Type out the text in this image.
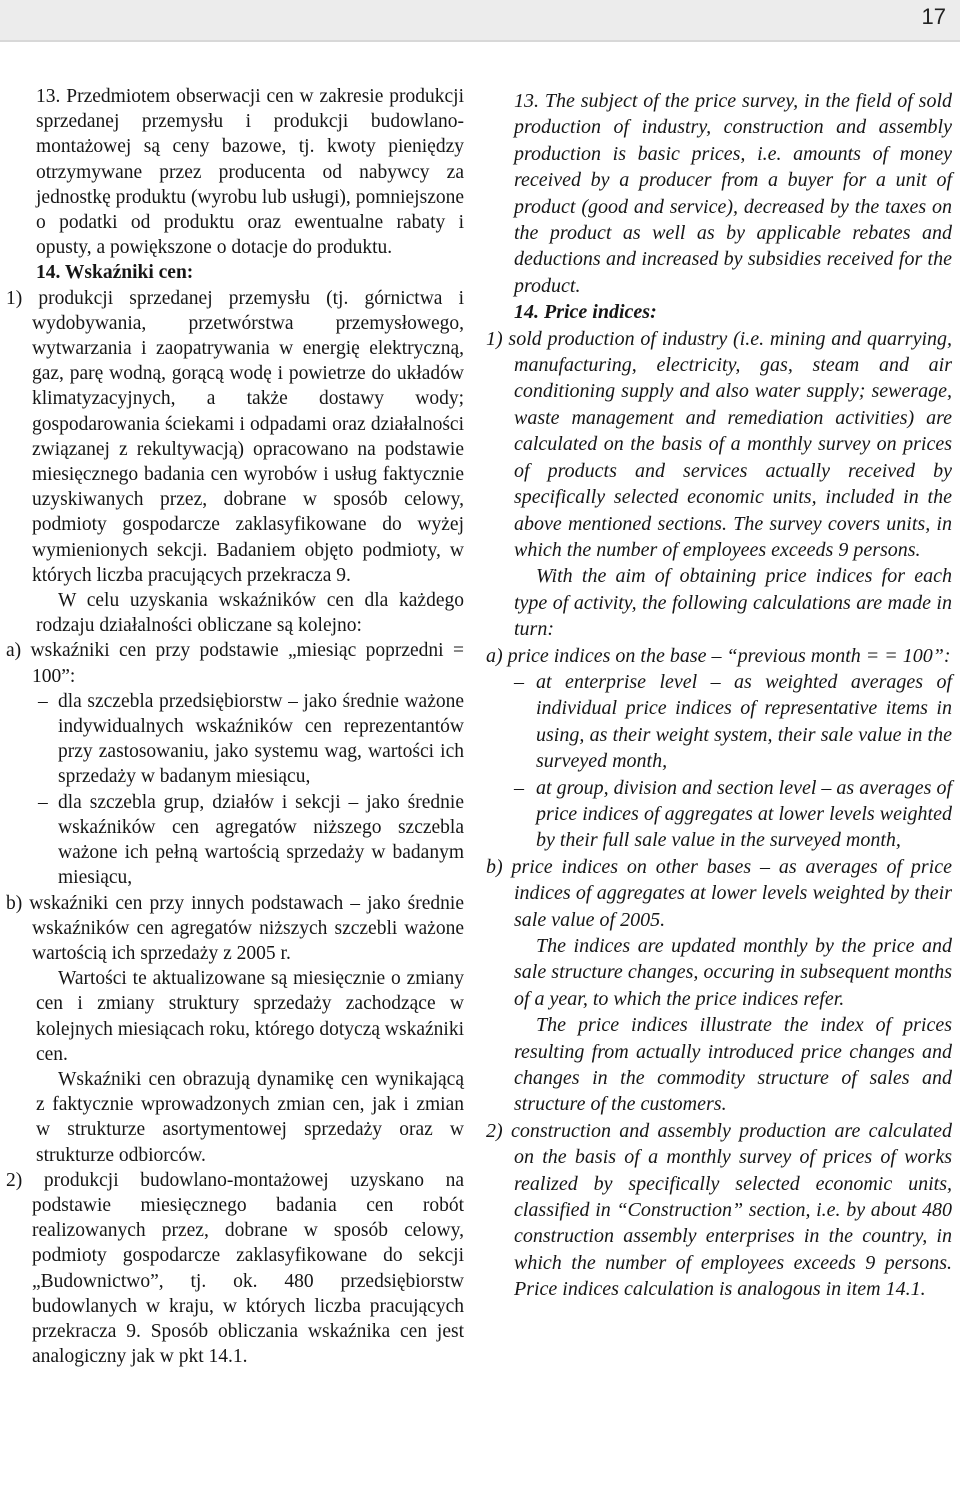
17

13. Przedmiotem obserwacji cen w zakresie produkcji sprzedanej przemysłu i produkcji budowlano-montażowej są ceny bazowe, tj. kwoty pieniędzy otrzymywane przez producenta od nabywcy za jednostkę produktu (wyrobu lub usługi), pomniejszone o podatki od produktu oraz ewentualne rabaty i opusty, a powiększone o dotacje do produktu.

14. Wskaźniki cen:

1) produkcji sprzedanej przemysłu (tj. górnictwa i wydobywania, przetwórstwa przemysłowego, wytwarzania i zaopatrywania w energię elektryczną, gaz, parę wodną, gorącą wodę i powietrze do układów klimatyzacyjnych, a także dostawy wody; gospodarowania ściekami i odpadami oraz działalności związanej z rekultywacją) opracowano na podstawie miesięcznego badania cen wyrobów i usług faktycznie uzyskiwanych przez, dobrane w sposób celowy, podmioty gospodarcze zaklasyfikowane do wyżej wymienionych sekcji. Badaniem objęto podmioty, w których liczba pracujących przekracza 9.

W celu uzyskania wskaźników cen dla każdego rodzaju działalności obliczane są kolejno:

a) wskaźniki cen przy podstawie „miesiąc poprzedni = 100”:

– dla szczebla przedsiębiorstw – jako średnie ważone indywidualnych wskaźników cen reprezentantów przy zastosowaniu, jako systemu wag, wartości ich sprzedaży w badanym miesiącu,

– dla szczebla grup, działów i sekcji – jako średnie wskaźników cen agregatów niższego szczebla ważone ich pełną wartością sprzedaży w badanym miesiącu,

b) wskaźniki cen przy innych podstawach – jako średnie wskaźników cen agregatów niższych szczebli ważone wartością ich sprzedaży z 2005 r.

Wartości te aktualizowane są miesięcznie o zmiany cen i zmiany struktury sprzedaży zachodzące w kolejnych miesiącach roku, którego dotyczą wskaźniki cen.

Wskaźniki cen obrazują dynamikę cen wynikającą z faktycznie wprowadzonych zmian cen, jak i zmian w strukturze asortymentowej sprzedaży oraz w strukturze odbiorców.

2) produkcji budowlano-montażowej uzyskano na podstawie miesięcznego badania cen robót realizowanych przez, dobrane w sposób celowy, podmioty gospodarcze zaklasyfikowane do sekcji „Budownictwo”, tj. ok. 480 przedsiębiorstw budowlanych w kraju, w których liczba pracujących przekracza 9. Sposób obliczania wskaźnika cen jest analogiczny jak w pkt 14.1.

13. The subject of the price survey, in the field of sold production of industry, construction and assembly production is basic prices, i.e. amounts of money received by a producer from a buyer for a unit of product (good and service), decreased by the taxes on the product as well as by applicable rebates and deductions and increased by subsidies received for the product.

14. Price indices:

1) sold production of industry (i.e. mining and quarrying, manufacturing, electricity, gas, steam and air conditioning supply and also water supply; sewerage, waste management and remediation activities) are calculated on the basis of a monthly survey on prices of products and services actually received by specifically selected economic units, included in the above mentioned sections. The survey covers units, in which the number of employees exceeds 9 persons.

With the aim of obtaining price indices for each type of activity, the following calculations are made in turn:

a) price indices on the base – “previous month = = 100”:

– at enterprise level – as weighted averages of individual price indices of representative items in using, as their weight system, their sale value in the surveyed month,

– at group, division and section level – as averages of price indices of aggregates at lower levels weighted by their full sale value in the surveyed month,

b) price indices on other bases – as averages of price indices of aggregates at lower levels weighted by their sale value of 2005.

The indices are updated monthly by the price and sale structure changes, occuring in subsequent months of a year, to which the price indices refer.

The price indices illustrate the index of prices resulting from actually introduced price changes and changes in the commodity structure of sales and structure of the customers.

2) construction and assembly production are calculated on the basis of a monthly survey of prices of works realized by specifically selected economic units, classified in “Construction” section, i.e. by about 480 construction assembly enterprises in the country, in which the number of employees exceeds 9 persons. Price indices calculation is analogous in item 14.1.
